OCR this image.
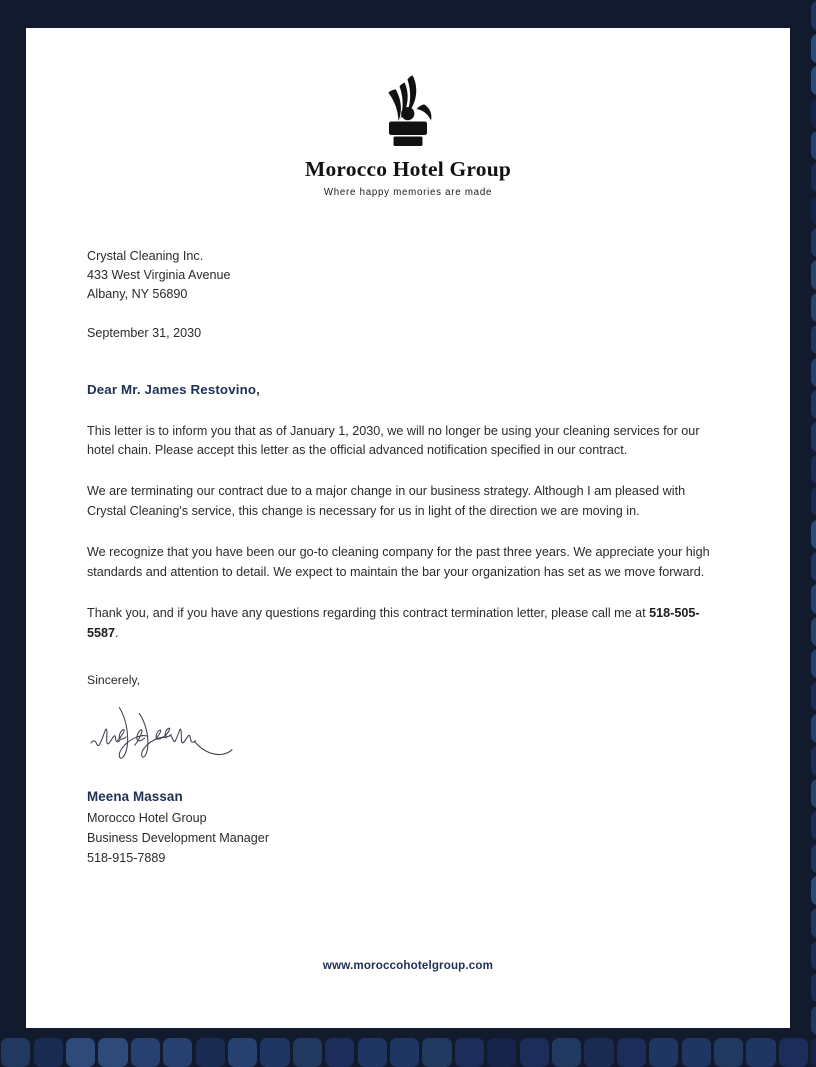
Morocco Hotel Group
Where happy memories are made
Crystal Cleaning Inc.
433 West Virginia Avenue
Albany, NY 56890
September 31, 2030
Dear Mr. James Restovino,

This letter is to inform you that as of January 1, 2030, we will no longer be using your cleaning services for our hotel chain. Please accept this letter as the official advanced notification specified in our contract.

We are terminating our contract due to a major change in our business strategy. Although I am pleased with Crystal Cleaning's service, this change is necessary for us in light of the direction we are moving in.

We recognize that you have been our go-to cleaning company for the past three years. We appreciate your high standards and attention to detail. We expect to maintain the bar your organization has set as we move forward.

Thank you, and if you have any questions regarding this contract termination letter, please call me at 518-505-5587.

Sincerely,
Meena Massan
Morocco Hotel Group
Business Development Manager
518-915-7889
www.moroccohotelgroup.com
